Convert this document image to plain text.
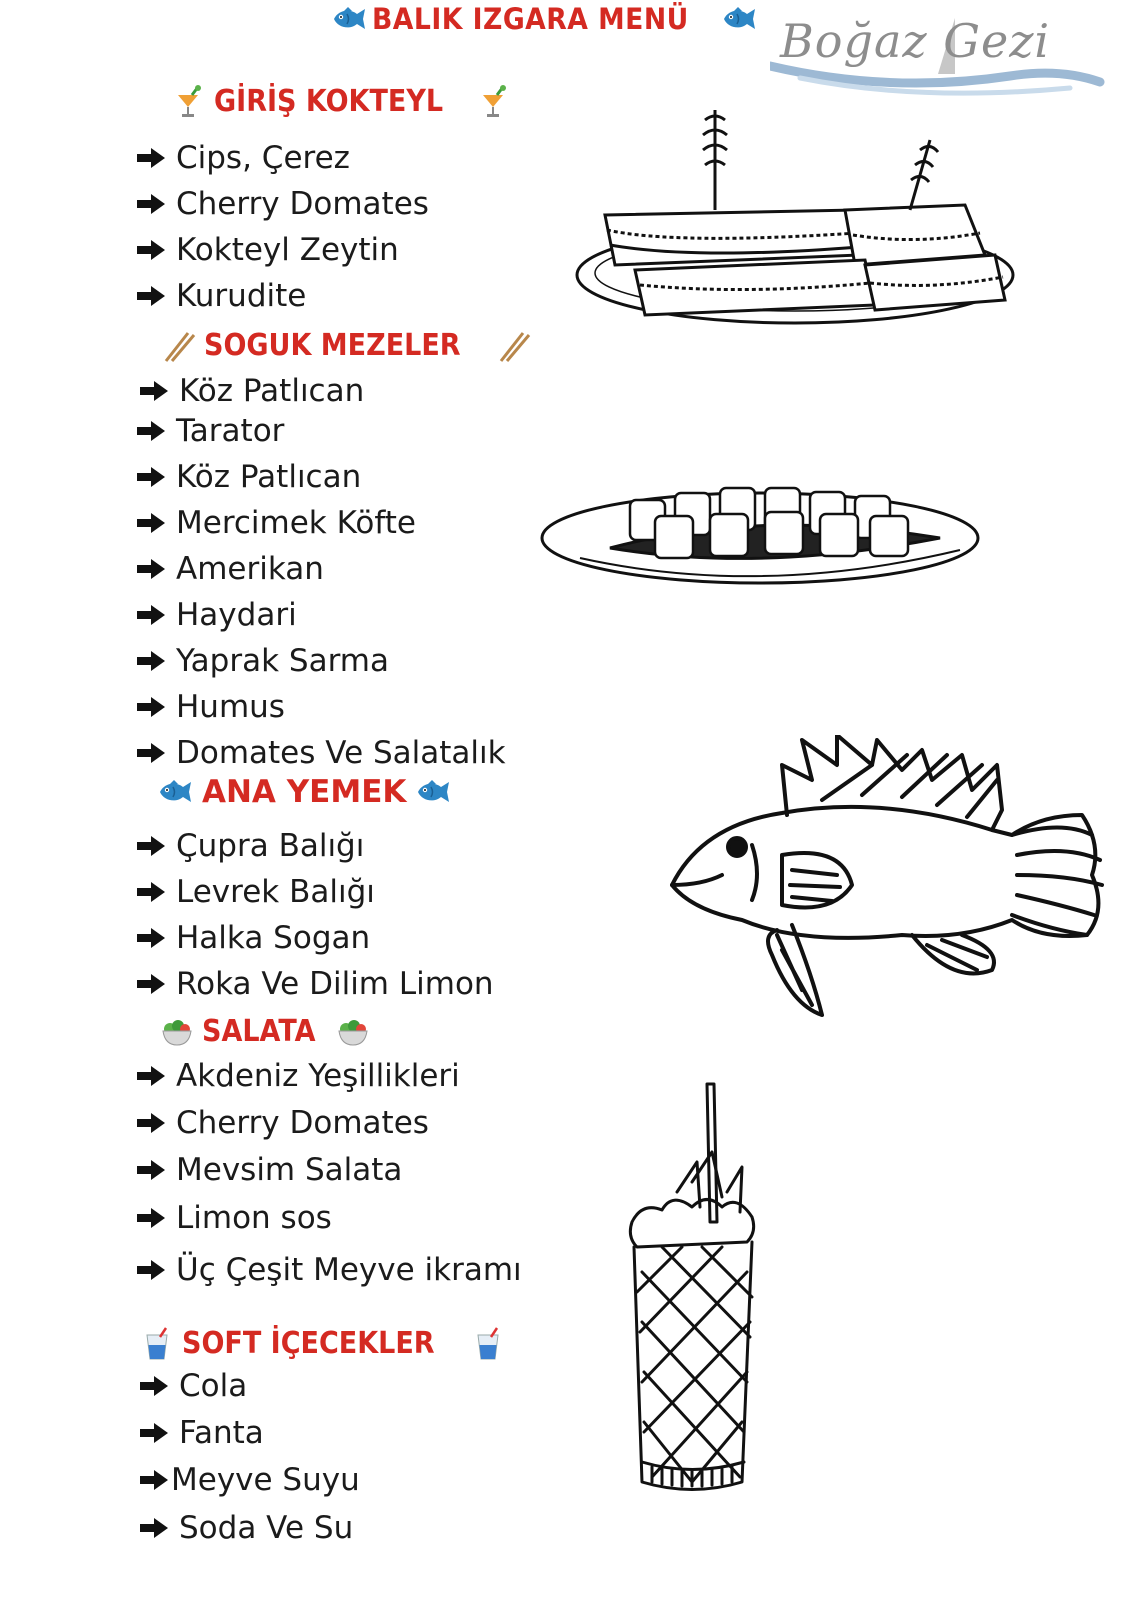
BALIK IZGARA MENÜ Boğaz Gezi
GİRİŞ KOKTEYL
Cips, Çerez
Cherry Domates
Kokteyl Zeytin
Kurudite
SOGUK MEZELER
Köz Patlıcan
Tarator
Köz Patlıcan
Mercimek Köfte
Amerikan
Haydari
Yaprak Sarma
Humus
Domates Ve Salatalık
ANA YEMEK
Çupra Balığı
Levrek Balığı
Halka Sogan
Roka Ve Dilim Limon
SALATA
Akdeniz Yeşillikleri
Cherry Domates
Mevsim Salata
Limon sos
Üç Çeşit Meyve ikramı
SOFT İÇECEKLER
Cola
Fanta
Meyve Suyu
Soda Ve Su
